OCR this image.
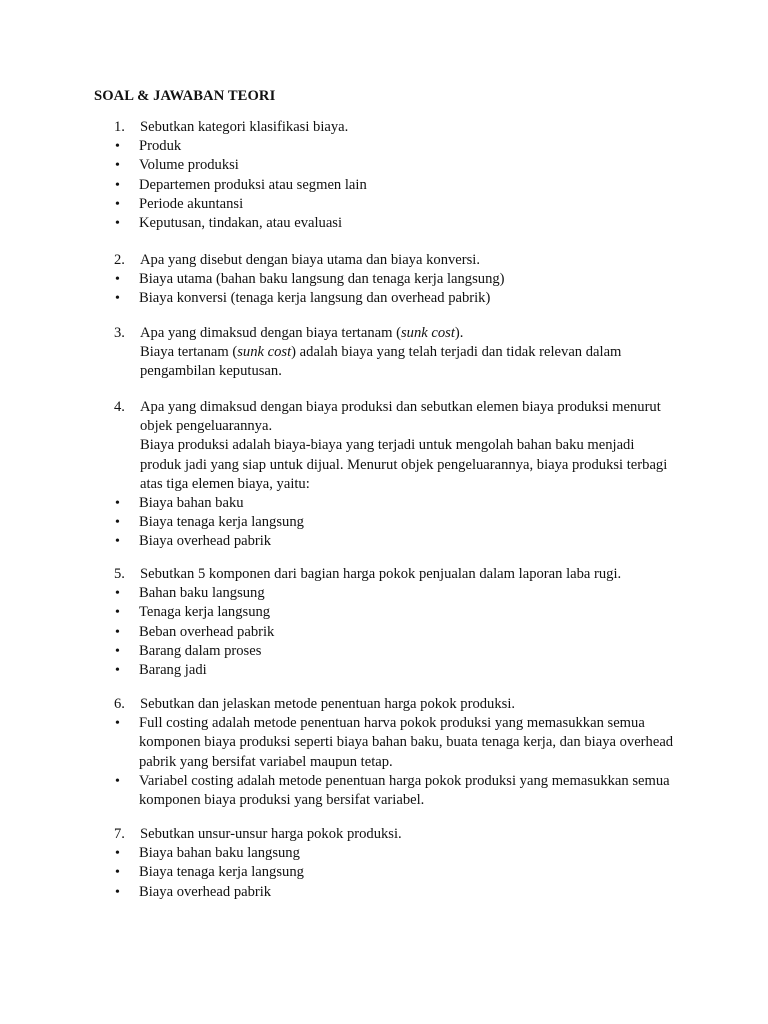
SOAL & JAWABAN TEORI
1.	Sebutkan kategori klasifikasi biaya.
• Produk
• Volume produksi
• Departemen produksi atau segmen lain
• Periode akuntansi
• Keputusan, tindakan, atau evaluasi
2.	Apa yang disebut dengan biaya utama dan biaya konversi.
• Biaya utama (bahan baku langsung dan tenaga kerja langsung)
• Biaya konversi (tenaga kerja langsung dan overhead pabrik)
3.	Apa yang dimaksud dengan biaya tertanam (sunk cost).
Biaya tertanam (sunk cost) adalah biaya yang telah terjadi dan tidak relevan dalam pengambilan keputusan.
4.	Apa yang dimaksud dengan biaya produksi dan sebutkan elemen biaya produksi menurut objek pengeluarannya.
Biaya produksi adalah biaya-biaya yang terjadi untuk mengolah bahan baku menjadi produk jadi yang siap untuk dijual. Menurut objek pengeluarannya, biaya produksi terbagi atas tiga elemen biaya, yaitu:
• Biaya bahan baku
• Biaya tenaga kerja langsung
• Biaya overhead pabrik
5.	Sebutkan 5 komponen dari bagian harga pokok penjualan dalam laporan laba rugi.
• Bahan baku langsung
• Tenaga kerja langsung
• Beban overhead pabrik
• Barang dalam proses
• Barang jadi
6.	Sebutkan dan jelaskan metode penentuan harga pokok produksi.
• Full costing adalah metode penentuan harva pokok produksi yang memasukkan semua komponen biaya produksi seperti biaya bahan baku, buata tenaga kerja, dan biaya overhead pabrik yang bersifat variabel maupun tetap.
• Variabel costing adalah metode penentuan harga pokok produksi yang memasukkan semua komponen biaya produksi yang bersifat variabel.
7.	Sebutkan unsur-unsur harga pokok produksi.
• Biaya bahan baku langsung
• Biaya tenaga kerja langsung
• Biaya overhead pabrik
